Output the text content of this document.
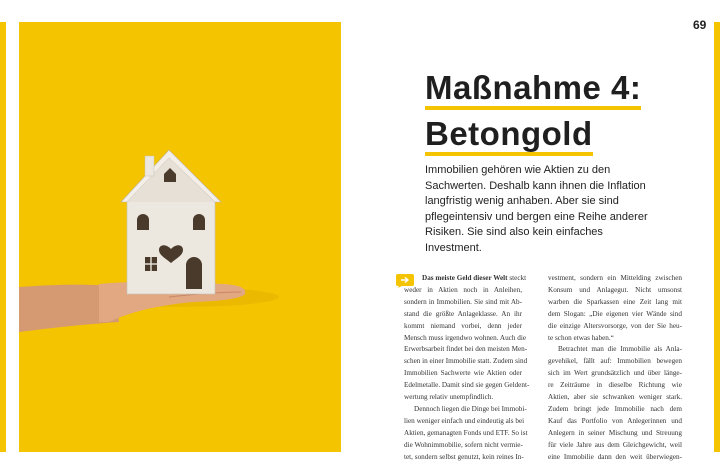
69
Maßnahme 4:
Betongold
Immobilien gehören wie Aktien zu den Sachwerten. Deshalb kann ihnen die Inflation langfristig wenig anhaben. Aber sie sind pflegeintensiv und bergen eine Reihe anderer Risiken. Sie sind also kein einfaches Investment.
Das meiste Geld dieser Welt steckt
weder in Aktien noch in Anleihen,
sondern in Immobilien. Sie sind mit Ab-
stand die größte Anlageklasse. An ihr
kommt niemand vorbei, denn jeder
Mensch muss irgendwo wohnen. Auch die
Erwerbsarbeit findet bei den meisten Men-
schen in einer Immobilie statt. Zudem sind
Immobilien Sachwerte wie Aktien oder
Edelmetalle. Damit sind sie gegen Geldent-
wertung relativ unempfindlich.
Dennoch liegen die Dinge bei Immobi-
lien weniger einfach und eindeutig als bei
Aktien, gemanagten Fonds und ETF. So ist
die Wohnimmobilie, sofern nicht vermie-
tet, sondern selbst genutzt, kein reines In-
vestment, sondern ein Mittelding zwischen
Konsum und Anlagegut. Nicht umsonst
warben die Sparkassen eine Zeit lang mit
dem Slogan: „Die eigenen vier Wände sind
die einzige Altersvorsorge, von der Sie heu-
te schon etwas haben.“
Betrachtet man die Immobilie als Anla-
gevehikel, fällt auf: Immobilien bewegen
sich im Wert grundsätzlich und über länge-
re Zeiträume in dieselbe Richtung wie
Aktien, aber sie schwanken weniger stark.
Zudem bringt jede Immobilie nach dem
Kauf das Portfolio von Anlegerinnen und
Anlegern in seiner Mischung und Streuung
für viele Jahre aus dem Gleichgewicht, weil
eine Immobilie dann den weit überwiegen-
